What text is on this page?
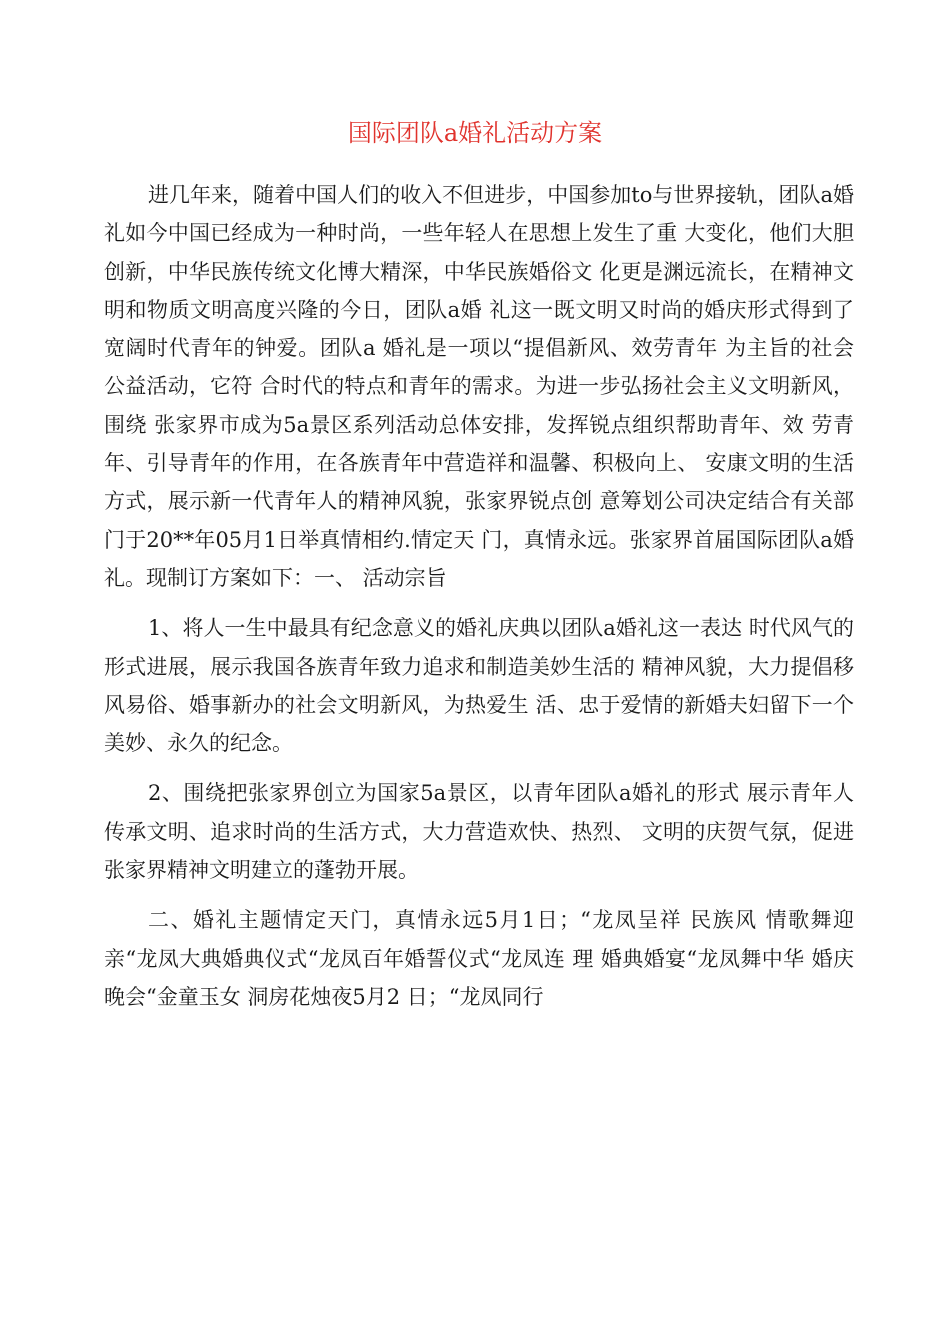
国际团队a婚礼活动方案

进几年来，随着中国人们的收入不但进步，中国参加to与世界接轨，团队a婚礼如今中国已经成为一种时尚，一些年轻人在思想上发生了重 大变化，他们大胆创新，中华民族传统文化博大精深，中华民族婚俗文 化更是渊远流长，在精神文明和物质文明高度兴隆的今日，团队a婚 礼这一既文明又时尚的婚庆形式得到了宽阔时代青年的钟爱。团队a 婚礼是一项以“提倡新风、效劳青年 为主旨的社会公益活动，它符 合时代的特点和青年的需求。为进一步弘扬社会主义文明新风，围绕 张家界市成为5a景区系列活动总体安排，发挥锐点组织帮助青年、效 劳青年、引导青年的作用，在各族青年中营造祥和温馨、积极向上、 安康文明的生活方式，展示新一代青年人的精神风貌，张家界锐点创 意筹划公司决定结合有关部门于20**年05月1日举真情相约.情定天 门，真情永远。张家界首届国际团队a婚礼。现制订方案如下：一、 活动宗旨

1、将人一生中最具有纪念意义的婚礼庆典以团队a婚礼这一表达 时代风气的形式进展，展示我国各族青年致力追求和制造美妙生活的 精神风貌，大力提倡移风易俗、婚事新办的社会文明新风，为热爱生 活、忠于爱情的新婚夫妇留下一个美妙、永久的纪念。

2、围绕把张家界创立为国家5a景区，以青年团队a婚礼的形式 展示青年人传承文明、追求时尚的生活方式，大力营造欢快、热烈、 文明的庆贺气氛，促进张家界精神文明建立的蓬勃开展。

二、婚礼主题情定天门，真情永远5月1日；“龙凤呈祥 民族风 情歌舞迎亲“龙凤大典婚典仪式“龙凤百年婚誓仪式“龙凤连 理 婚典婚宴“龙凤舞中华 婚庆晚会“金童玉女 洞房花烛夜5月2 日；“龙凤同行
